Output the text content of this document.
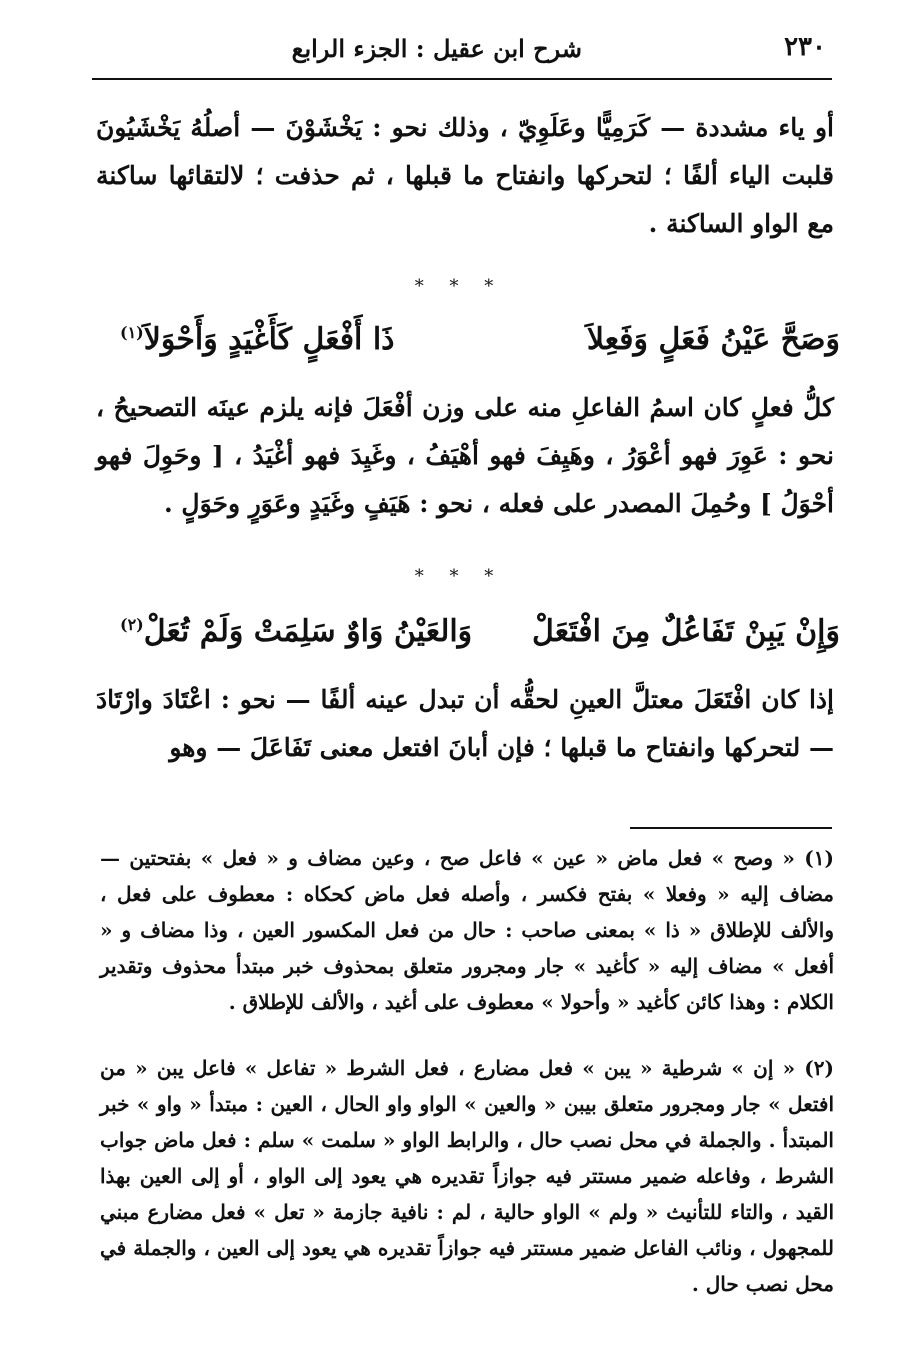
٢٣٠
شرح ابن عقيل : الجزء الرابع

أو ياء مشددة — كَرَمِيًّا وعَلَوِيّ ، وذلك نحو : يَخْشَوْنَ — أصلُهُ يَخْشَيُونَ قلبت الياء ألفًا ؛ لتحركها وانفتاح ما قبلها ، ثم حذفت ؛ لالتقائها ساكنة مع الواو الساكنة .

* * *
وَصَحَّ عَيْنُ فَعَلٍ وَفَعِلاَ
ذَا أَفْعَلٍ كَأَغْيَدٍ وَأَحْوَلاَ$^{(١)}$

كلُّ فعلٍ كان اسمُ الفاعلِ منه على وزن أفْعَلَ فإنه يلزم عينَه التصحيحُ ، نحو : عَوِرَ فهو أعْوَرُ ، وهَيِفَ فهو أهْيَفُ ، وغَيِدَ فهو أغْيَدُ ، [ وحَوِلَ فهو أحْوَلُ ] وحُمِلَ المصدر على فعله ، نحو : هَيَفٍ وغَيَدٍ وعَوَرٍ وحَوَلٍ .

* * *
وَإِنْ يَبِنْ تَفَاعُلٌ مِنَ افْتَعَلْ
وَالعَيْنُ وَاوٌ سَلِمَتْ وَلَمْ تُعَلْ$^{(٢)}$

إذا كان افْتَعَلَ معتلَّ العينِ لحقُّه أن تبدل عينه ألفًا — نحو : اعْتَادَ وارْتَادَ — لتحركها وانفتاح ما قبلها ؛ فإن أبانَ افتعل معنى تَفَاعَلَ — وهو

(١) « وصح » فعل ماض « عين » فاعل صح ، وعين مضاف و « فعل » بفتحتين — مضاف إليه « وفعلا » بفتح فكسر ، وأصله فعل ماض كحكاه : معطوف على فعل ، والألف للإطلاق « ذا » بمعنى صاحب : حال من فعل المكسور العين ، وذا مضاف و « أفعل » مضاف إليه « كأغيد » جار ومجرور متعلق بمحذوف خبر مبتدأ محذوف وتقدير الكلام : وهذا كائن كأغيد « وأحولا » معطوف على أغيد ، والألف للإطلاق .

(٢) « إن » شرطية « يبن » فعل مضارع ، فعل الشرط « تفاعل » فاعل يبن « من افتعل » جار ومجرور متعلق بيبن « والعين » الواو واو الحال ، العين : مبتدأ « واو » خبر المبتدأ . والجملة في محل نصب حال ، والرابط الواو « سلمت » سلم : فعل ماض جواب الشرط ، وفاعله ضمير مستتر فيه جوازاً تقديره هي يعود إلى الواو ، أو إلى العين بهذا القيد ، والتاء للتأنيث « ولم » الواو حالية ، لم : نافية جازمة « تعل » فعل مضارع مبني للمجهول ، ونائب الفاعل ضمير مستتر فيه جوازاً تقديره هي يعود إلى العين ، والجملة في محل نصب حال .
